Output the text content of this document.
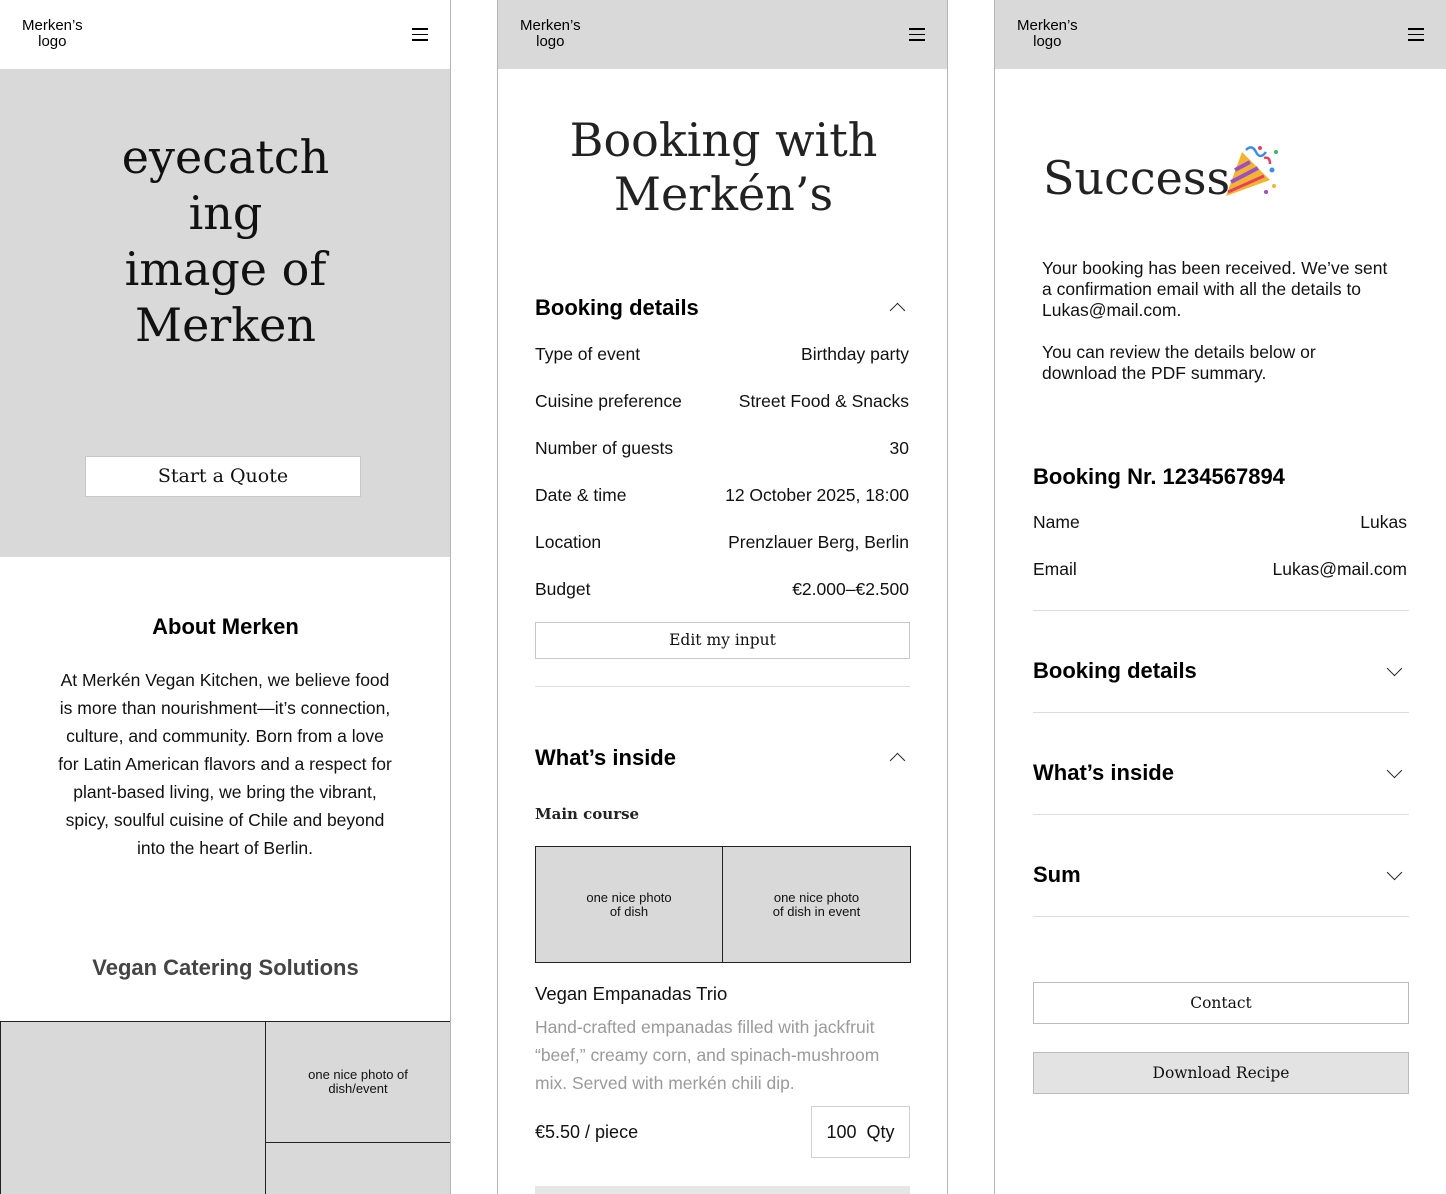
Merken’s
logo
eyecatch
ing
image of
Merken
Start a Quote
About Merken
At Merkén Vegan Kitchen, we believe food is more than nourishment—it’s connection, culture, and community. Born from a love for Latin American flavors and a respect for plant-based living, we bring the vibrant, spicy, soulful cuisine of Chile and beyond into the heart of Berlin.
Vegan Catering Solutions
one nice photo of dish/event
Merken’s
logo
Booking with
Merkén’s
Booking details
Type of event	Birthday party
Cuisine preference	Street Food & Snacks
Number of guests	30
Date & time	12 October 2025, 18:00
Location	Prenzlauer Berg, Berlin
Budget	€2.000–€2.500
Edit my input
What’s inside
Main course
one nice photo
of dish
one nice photo
of dish in event
Vegan Empanadas Trio
Hand-crafted empanadas filled with jackfruit “beef,” creamy corn, and spinach-mushroom mix. Served with merkén chili dip.
€5.50 / piece	100 Qty
Merken’s
logo
Success

Your booking has been received. We’ve sent a confirmation email with all the details to Lukas@mail.com.

You can review the details below or download the PDF summary.

Booking Nr. 1234567894
Name	Lukas
Email	Lukas@mail.com
Booking details
What’s inside
Sum
Contact
Download Recipe
